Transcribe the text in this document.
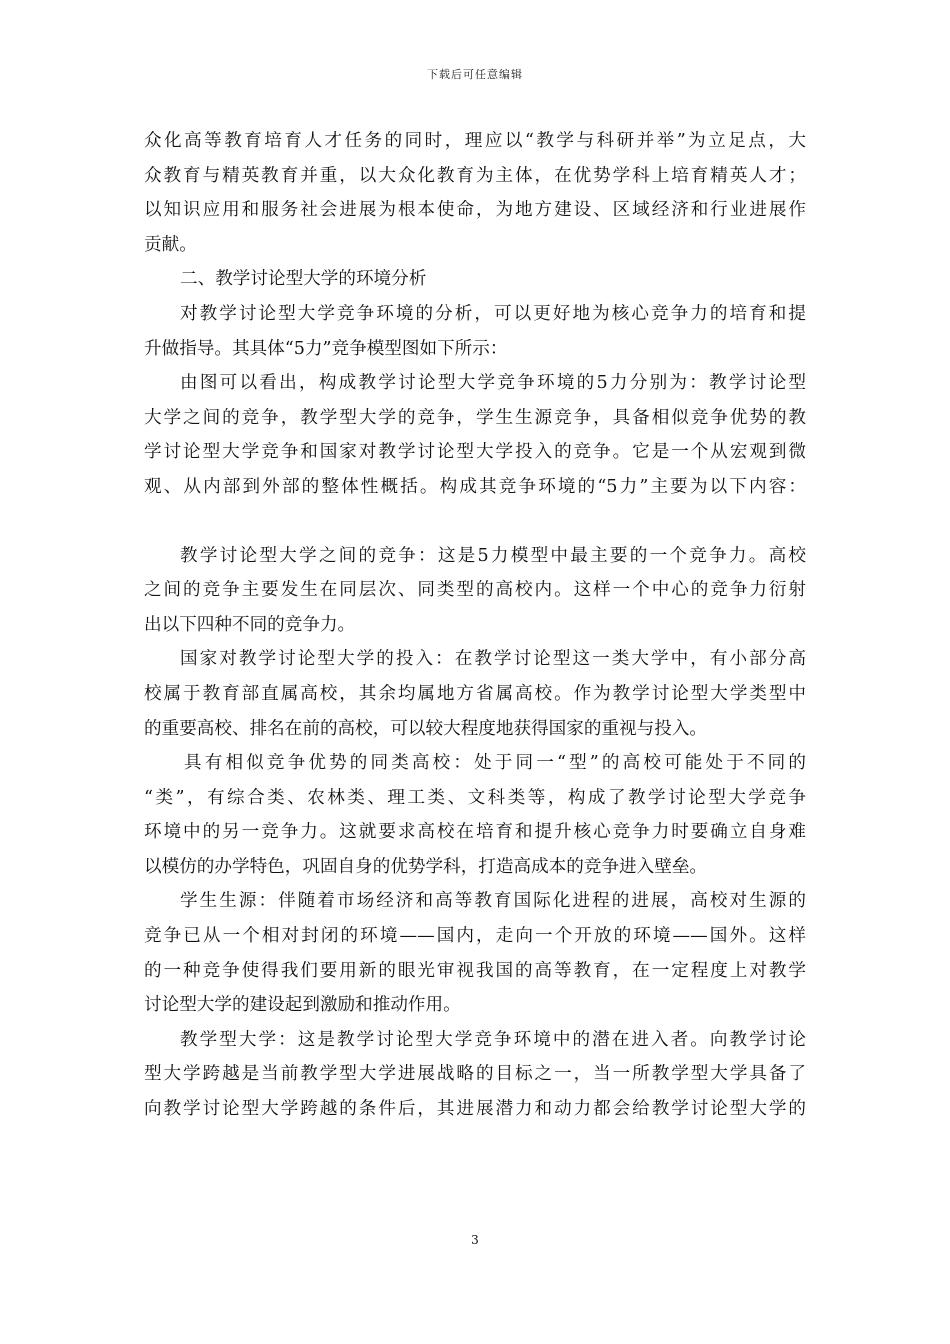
下载后可任意编辑
众化高等教育培育人才任务的同时，理应以“教学与科研并举”为立足点，大
众教育与精英教育并重，以大众化教育为主体，在优势学科上培育精英人才；
以知识应用和服务社会进展为根本使命，为地方建设、区域经济和行业进展作
贡献。
二、教学讨论型大学的环境分析
对教学讨论型大学竞争环境的分析，可以更好地为核心竞争力的培育和提
升做指导。其具体“5力”竞争模型图如下所示：
由图可以看出，构成教学讨论型大学竞争环境的5力分别为：教学讨论型
大学之间的竞争，教学型大学的竞争，学生生源竞争，具备相似竞争优势的教
学讨论型大学竞争和国家对教学讨论型大学投入的竞争。它是一个从宏观到微
观、从内部到外部的整体性概括。构成其竞争环境的“5力”主要为以下内容：
教学讨论型大学之间的竞争：这是5力模型中最主要的一个竞争力。高校
之间的竞争主要发生在同层次、同类型的高校内。这样一个中心的竞争力衍射
出以下四种不同的竞争力。
国家对教学讨论型大学的投入：在教学讨论型这一类大学中，有小部分高
校属于教育部直属高校，其余均属地方省属高校。作为教学讨论型大学类型中
的重要高校、排名在前的高校，可以较大程度地获得国家的重视与投入。
具有相似竞争优势的同类高校：处于同一“型”的高校可能处于不同的
“类”，有综合类、农林类、理工类、文科类等，构成了教学讨论型大学竞争
环境中的另一竞争力。这就要求高校在培育和提升核心竞争力时要确立自身难
以模仿的办学特色，巩固自身的优势学科，打造高成本的竞争进入壁垒。
学生生源：伴随着市场经济和高等教育国际化进程的进展，高校对生源的
竞争已从一个相对封闭的环境——国内，走向一个开放的环境——国外。这样
的一种竞争使得我们要用新的眼光审视我国的高等教育，在一定程度上对教学
讨论型大学的建设起到激励和推动作用。
教学型大学：这是教学讨论型大学竞争环境中的潜在进入者。向教学讨论
型大学跨越是当前教学型大学进展战略的目标之一，当一所教学型大学具备了
向教学讨论型大学跨越的条件后，其进展潜力和动力都会给教学讨论型大学的
3
